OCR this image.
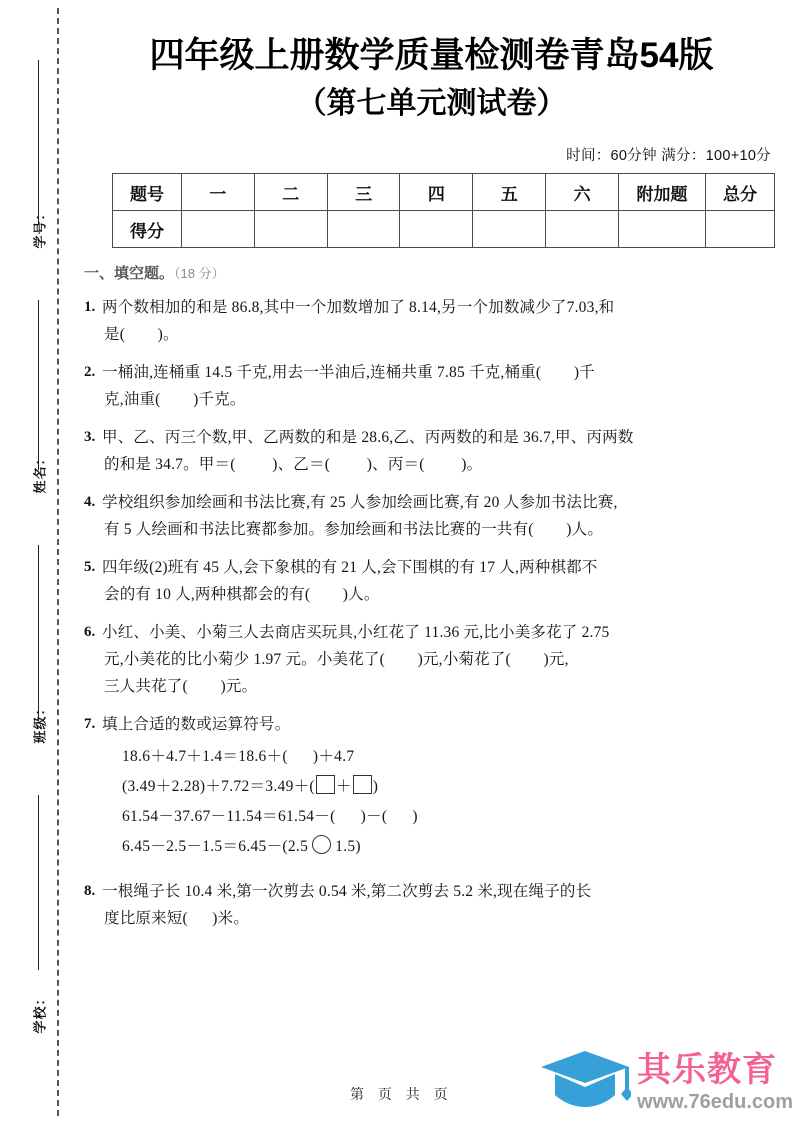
学号：
姓名：
班级：
学校：
四年级上册数学质量检测卷青岛54版
（第七单元测试卷）
时间：60分钟 满分：100+10分
题号	一	二	三	四	五	六	附加题	总分
得分								
一、填空题。（18 分）
1. 两个数相加的和是 86.8,其中一个加数增加了 8.14,另一个加数减少了7.03,和
是(        )。
2. 一桶油,连桶重 14.5 千克,用去一半油后,连桶共重 7.85 千克,桶重(        )千
克,油重(        )千克。
3. 甲、乙、丙三个数,甲、乙两数的和是 28.6,乙、丙两数的和是 36.7,甲、丙两数
的和是 34.7。甲＝(         )、乙＝(         )、丙＝(         )。
4. 学校组织参加绘画和书法比赛,有 25 人参加绘画比赛,有 20 人参加书法比赛,
有 5 人绘画和书法比赛都参加。参加绘画和书法比赛的一共有(        )人。
5. 四年级(2)班有 45 人,会下象棋的有 21 人,会下围棋的有 17 人,两种棋都不
会的有 10 人,两种棋都会的有(        )人。
6. 小红、小美、小菊三人去商店买玩具,小红花了 11.36 元,比小美多花了 2.75
元,小美花的比小菊少 1.97 元。小美花了(        )元,小菊花了(        )元,
三人共花了(        )元。
7. 填上合适的数或运算符号。
18.6＋4.7＋1.4＝18.6＋(      )＋4.7
(3.49＋2.28)＋7.72＝3.49＋( ＋ )
61.54－37.67－11.54＝61.54－(      )－(      )
6.45－2.5－1.5＝6.45－(2.5 1.5)
8. 一根绳子长 10.4 米,第一次剪去 0.54 米,第二次剪去 5.2 米,现在绳子的长
度比原来短(      )米。
第 页 共 页
其乐教育
www.76edu.com
